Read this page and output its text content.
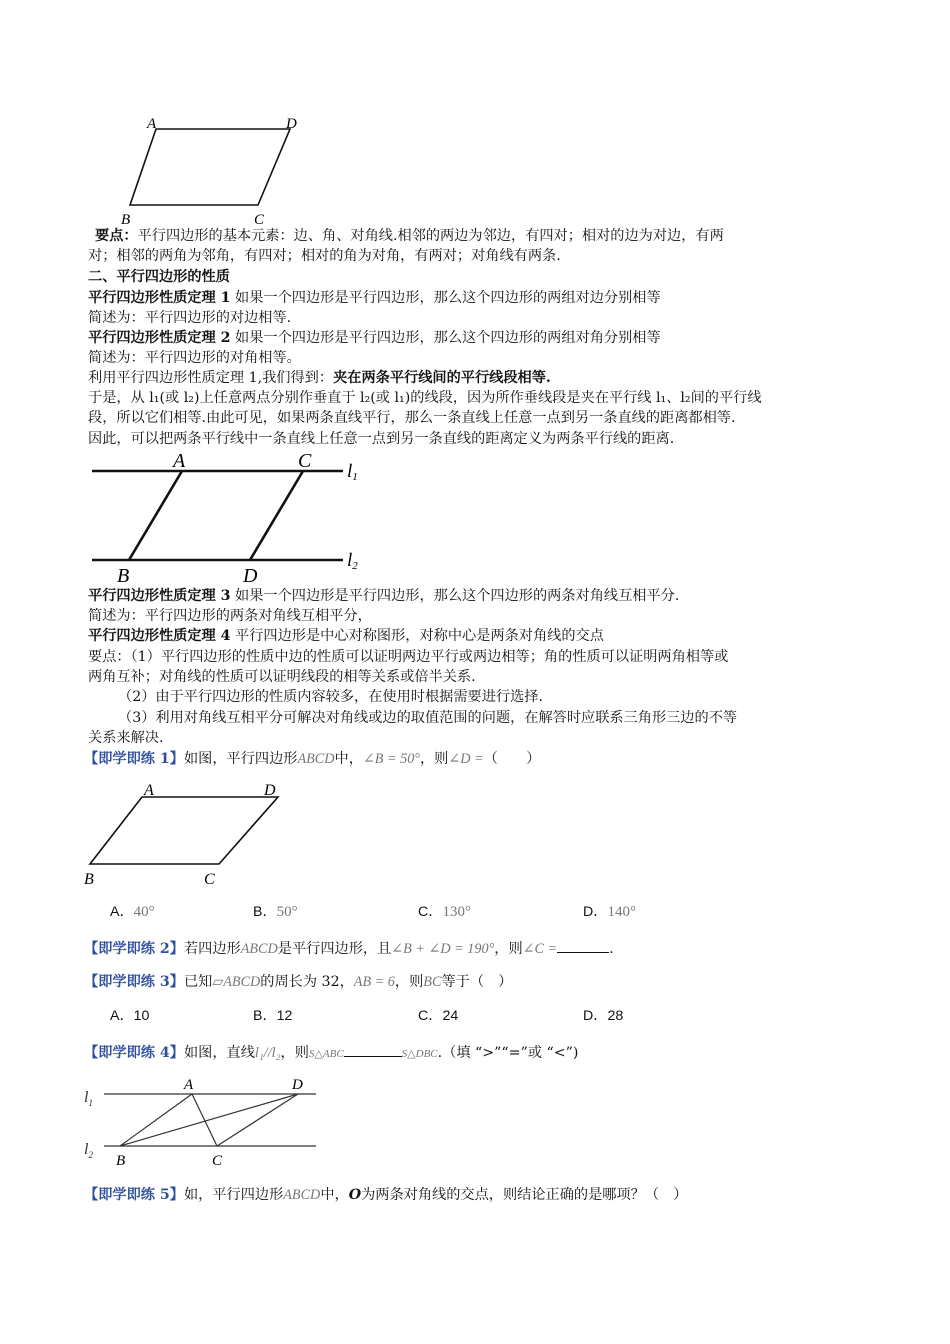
A	D
B	C
要点：平行四边形的基本元素：边、角、对角线.相邻的两边为邻边，有四对；相对的边为对边，有两
对；相邻的两角为邻角，有四对；相对的角为对角，有两对；对角线有两条.
二、平行四边形的性质
平行四边形性质定理 1 如果一个四边形是平行四边形，那么这个四边形的两组对边分别相等
简述为：平行四边形的对边相等.
平行四边形性质定理 2 如果一个四边形是平行四边形，那么这个四边形的两组对角分别相等
简述为：平行四边形的对角相等。
利用平行四边形性质定理 1,我们得到：夹在两条平行线间的平行线段相等.
于是，从 l₁(或 l₂)上任意两点分别作垂直于 l₂(或 l₁)的线段，因为所作垂线段是夹在平行线 l₁、l₂间的平行线
段，所以它们相等.由此可见，如果两条直线平行，那么一条直线上任意一点到另一条直线的距离都相等.
因此，可以把两条平行线中一条直线上任意一点到另一条直线的距离定义为两条平行线的距离.
A	C
B	D
l1
l2
平行四边形性质定理 3 如果一个四边形是平行四边形，那么这个四边形的两条对角线互相平分.
简述为：平行四边形的两条对角线互相平分，
平行四边形性质定理 4 平行四边形是中心对称图形，对称中心是两条对角线的交点
要点：（1）平行四边形的性质中边的性质可以证明两边平行或两边相等；角的性质可以证明两角相等或
两角互补；对角线的性质可以证明线段的相等关系或倍半关系.
（2）由于平行四边形的性质内容较多，在使用时根据需要进行选择.
（3）利用对角线互相平分可解决对角线或边的取值范围的问题，在解答时应联系三角形三边的不等
关系来解决.
【即学即练 1】如图，平行四边形ABCD中，∠B = 50°，则∠D =（　　）
A	D
B	C
A．40°	B．50°	C．130°	D．140°
【即学即练 2】若四边形ABCD是平行四边形，且∠B + ∠D = 190°，则∠C =	.
【即学即练 3】已知▱ABCD的周长为 32，AB = 6，则BC等于（　）
A．10	B．12	C．24	D．28
【即学即练 4】如图，直线l₁//l₂，则S△ABC	S△DBC.（填 “>”“=”或 “<”)
A	D
B	C
$l_1$
$l_2$
【即学即练 5】如，平行四边形ABCD中，O为两条对角线的交点，则结论正确的是哪项？（　）
